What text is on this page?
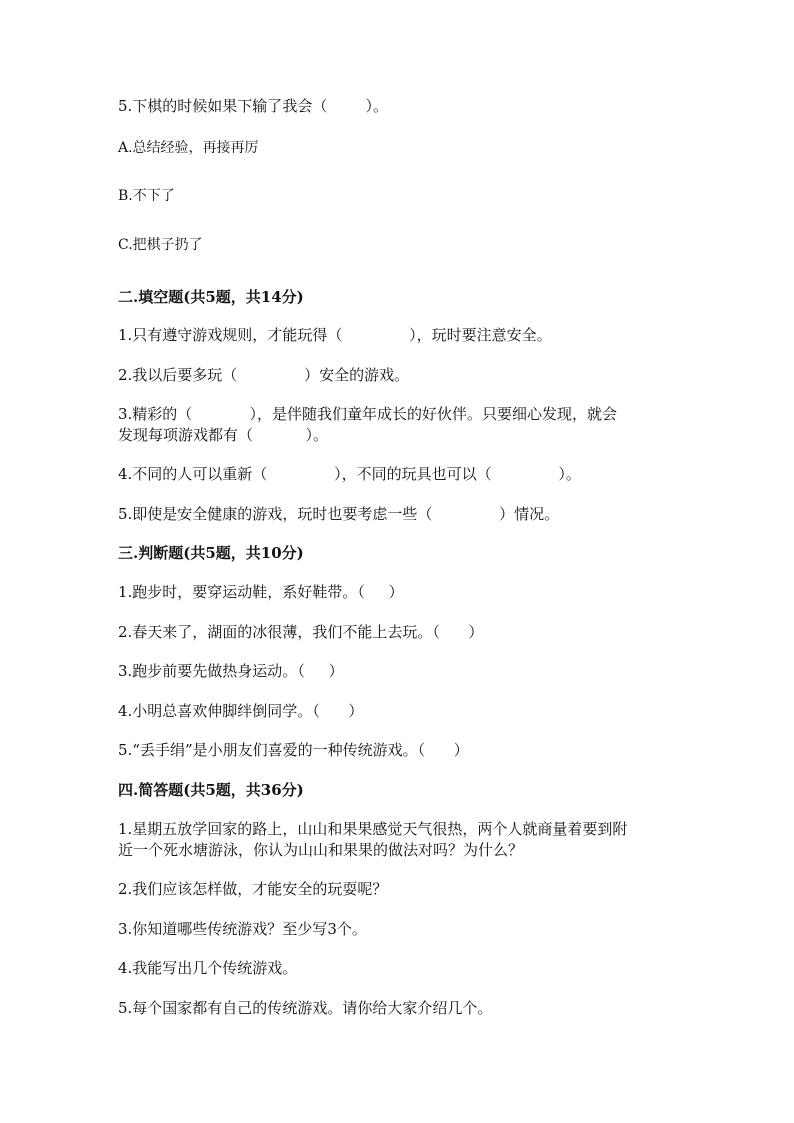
5.下棋的时候如果下输了我会（        ）。
A.总结经验，再接再厉
B.不下了
C.把棋子扔了
二.填空题(共5题，共14分)
1.只有遵守游戏规则，才能玩得（              ），玩时要注意安全。
2.我以后要多玩（              ）安全的游戏。
3.精彩的（            ），是伴随我们童年成长的好伙伴。只要细心发现，就会
发现每项游戏都有（           ）。
4.不同的人可以重新（              ），不同的玩具也可以（              ）。
5.即使是安全健康的游戏，玩时也要考虑一些（              ）情况。
三.判断题(共5题，共10分)
1.跑步时，要穿运动鞋，系好鞋带。（     ）
2.春天来了，湖面的冰很薄，我们不能上去玩。（      ）
3.跑步前要先做热身运动。（     ）
4.小明总喜欢伸脚绊倒同学。（      ）
5.“丢手绢”是小朋友们喜爱的一种传统游戏。（      ）
四.简答题(共5题，共36分)
1.星期五放学回家的路上，山山和果果感觉天气很热，两个人就商量着要到附
近一个死水塘游泳，你认为山山和果果的做法对吗？为什么？
2.我们应该怎样做，才能安全的玩耍呢？
3.你知道哪些传统游戏？至少写3个。
4.我能写出几个传统游戏。
5.每个国家都有自己的传统游戏。请你给大家介绍几个。
